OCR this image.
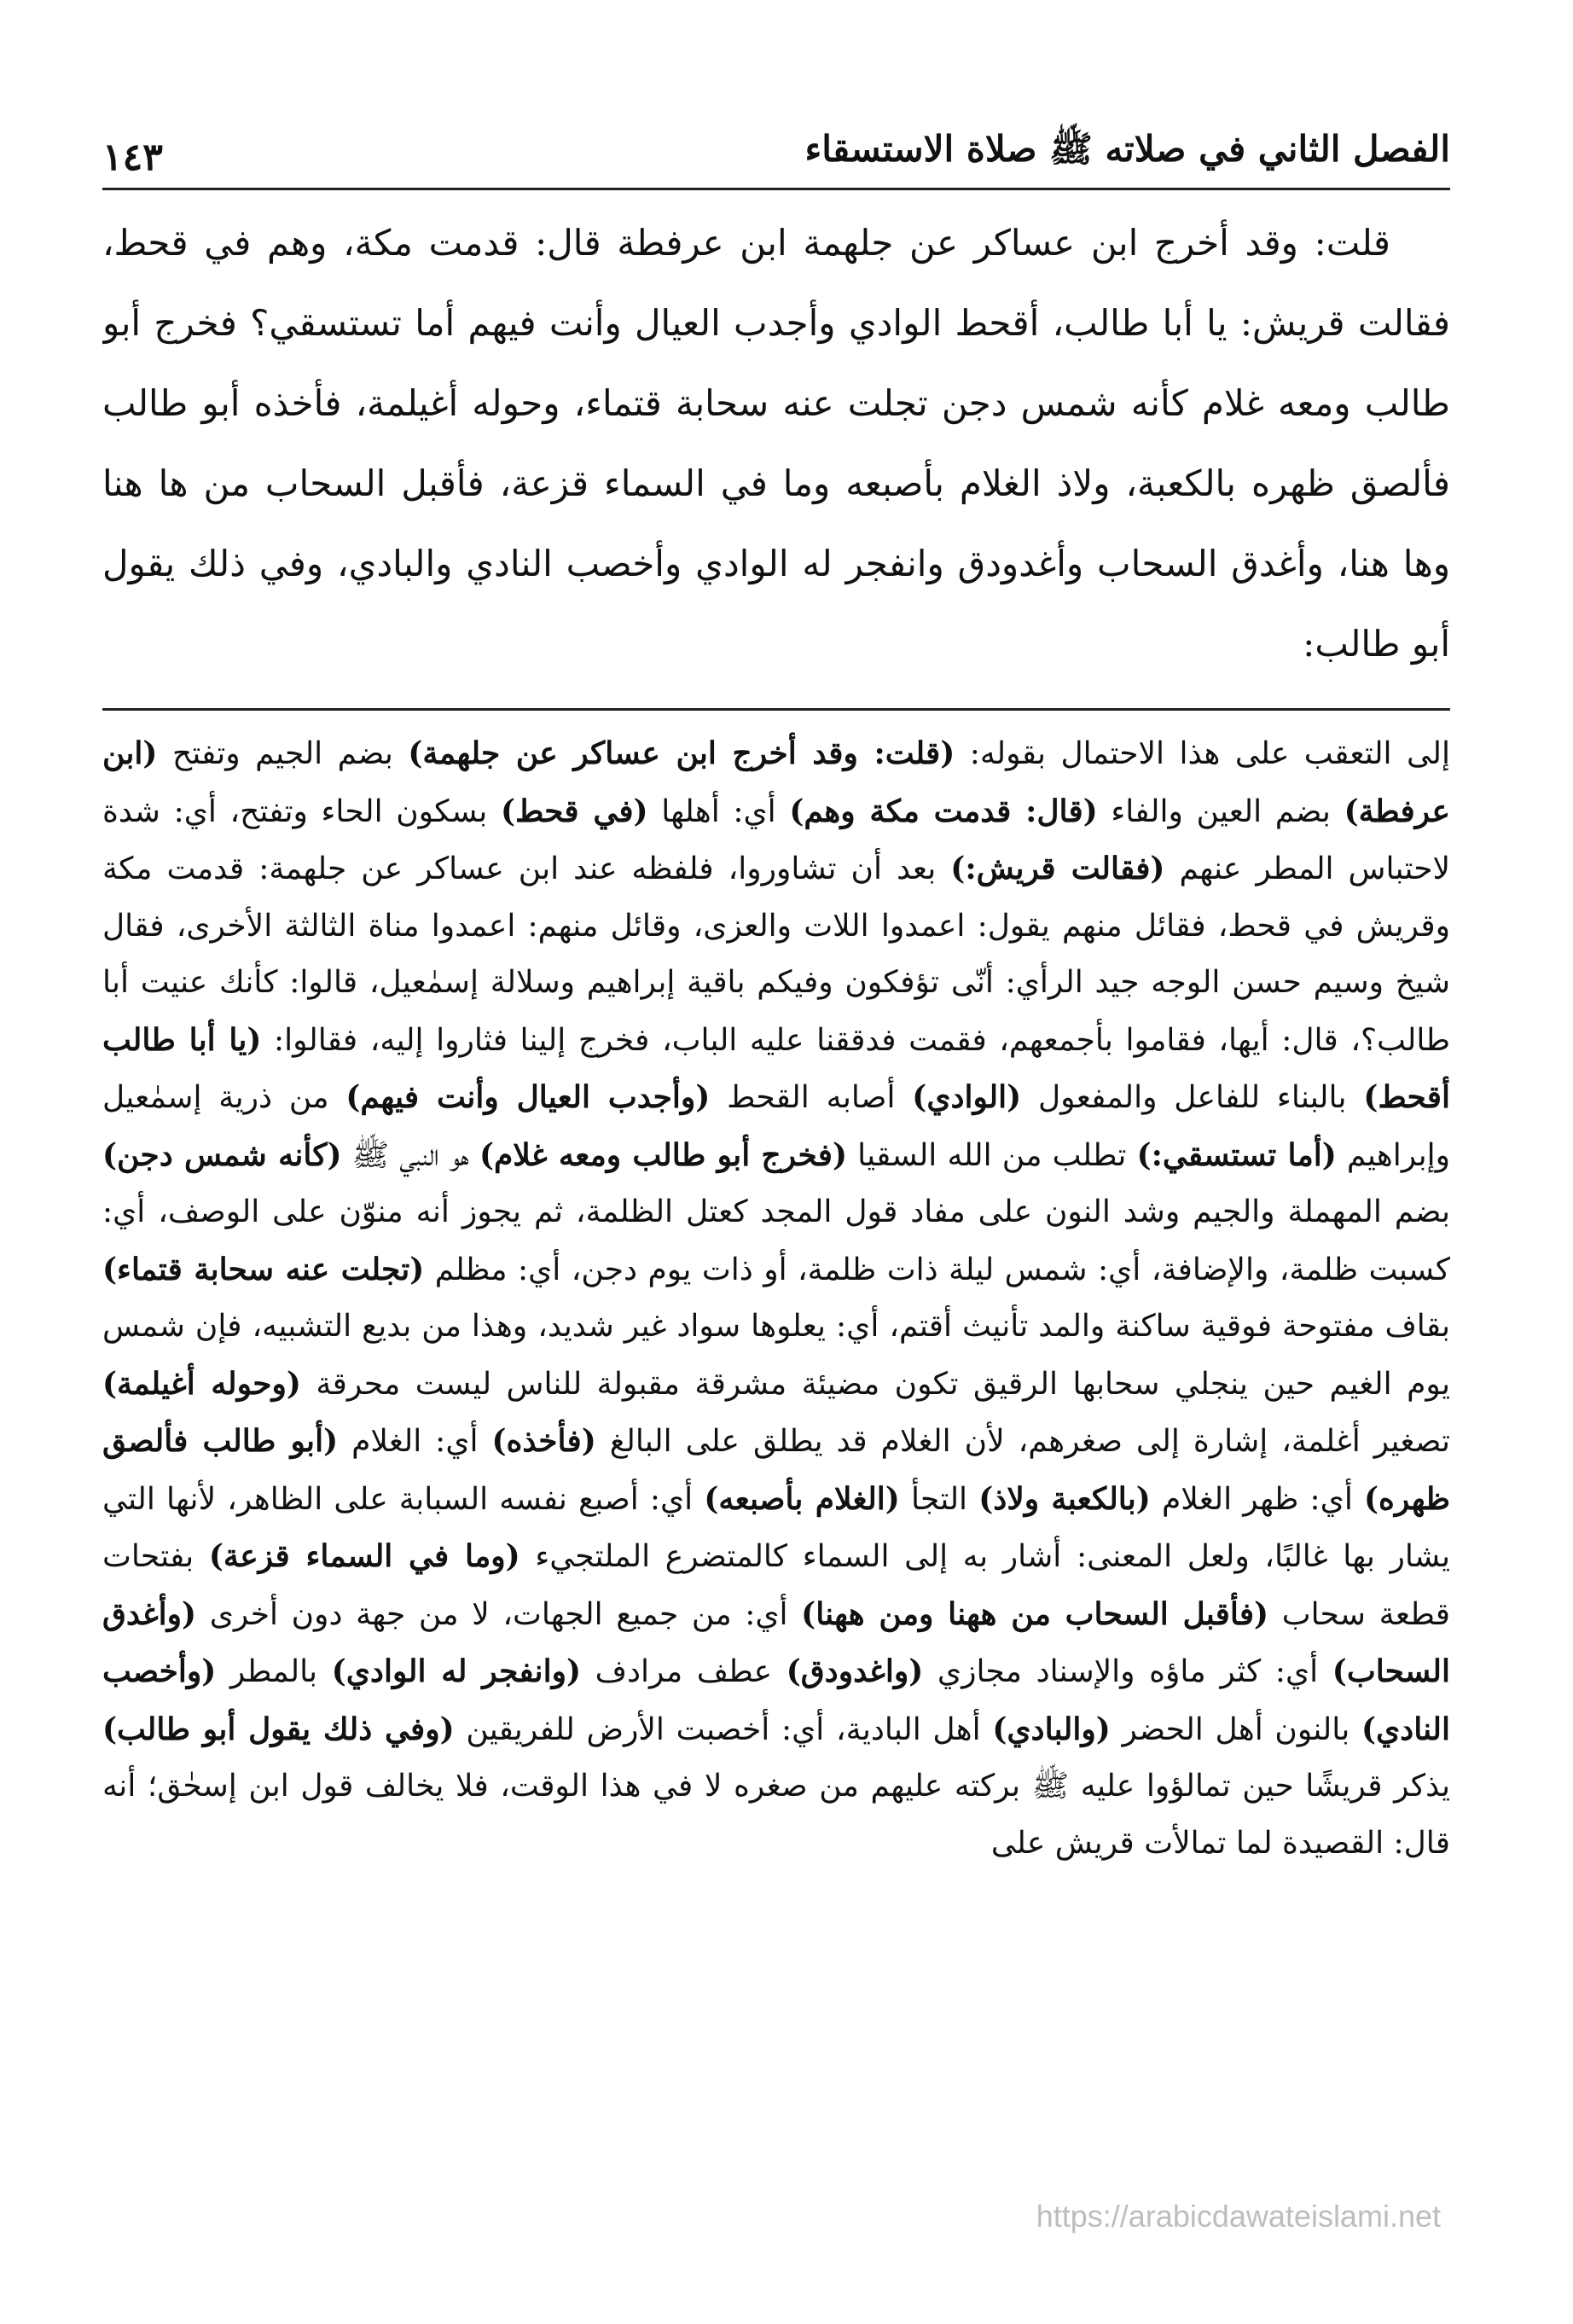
الفصل الثاني في صلاته ﷺ صلاة الاستسقاء
١٤٣

قلت: وقد أخرج ابن عساكر عن جلهمة ابن عرفطة قال: قدمت مكة، وهم في قحط، فقالت قريش: يا أبا طالب، أقحط الوادي وأجدب العيال وأنت فيهم أما تستسقي؟ فخرج أبو طالب ومعه غلام كأنه شمس دجن تجلت عنه سحابة قتماء، وحوله أغيلمة، فأخذه أبو طالب فألصق ظهره بالكعبة، ولاذ الغلام بأصبعه وما في السماء قزعة، فأقبل السحاب من ها هنا وها هنا، وأغدق السحاب وأغدودق وانفجر له الوادي وأخصب النادي والبادي، وفي ذلك يقول أبو طالب:

إلى التعقب على هذا الاحتمال بقوله: (قلت: وقد أخرج ابن عساكر عن جلهمة) بضم الجيم وتفتح (ابن عرفطة) بضم العين والفاء (قال: قدمت مكة وهم) أي: أهلها (في قحط) بسكون الحاء وتفتح، أي: شدة لاحتباس المطر عنهم (فقالت قريش:) بعد أن تشاوروا، فلفظه عند ابن عساكر عن جلهمة: قدمت مكة وقريش في قحط، فقائل منهم يقول: اعمدوا اللات والعزى، وقائل منهم: اعمدوا مناة الثالثة الأخرى، فقال شيخ وسيم حسن الوجه جيد الرأي: أنّى تؤفكون وفيكم باقية إبراهيم وسلالة إسمٰعيل، قالوا: كأنك عنيت أبا طالب؟، قال: أيها، فقاموا بأجمعهم، فقمت فدققنا عليه الباب، فخرج إلينا فثاروا إليه، فقالوا: (يا أبا طالب أقحط) بالبناء للفاعل والمفعول (الوادي) أصابه القحط (وأجدب العيال وأنت فيهم) من ذرية إسمٰعيل وإبراهيم (أما تستسقي:) تطلب من الله السقيا (فخرج أبو طالب ومعه غلام) هو النبي ﷺ (كأنه شمس دجن) بضم المهملة والجيم وشد النون على مفاد قول المجد كعتل الظلمة، ثم يجوز أنه منوّن على الوصف، أي: كسبت ظلمة، والإضافة، أي: شمس ليلة ذات ظلمة، أو ذات يوم دجن، أي: مظلم (تجلت عنه سحابة قتماء) بقاف مفتوحة فوقية ساكنة والمد تأنيث أقتم، أي: يعلوها سواد غير شديد، وهذا من بديع التشبيه، فإن شمس يوم الغيم حين ينجلي سحابها الرقيق تكون مضيئة مشرقة مقبولة للناس ليست محرقة (وحوله أغيلمة) تصغير أغلمة، إشارة إلى صغرهم، لأن الغلام قد يطلق على البالغ (فأخذه) أي: الغلام (أبو طالب فألصق ظهره) أي: ظهر الغلام (بالكعبة ولاذ) التجأ (الغلام بأصبعه) أي: أصبع نفسه السبابة على الظاهر، لأنها التي يشار بها غالبًا، ولعل المعنى: أشار به إلى السماء كالمتضرع الملتجيء (وما في السماء قزعة) بفتحات قطعة سحاب (فأقبل السحاب من ههنا ومن ههنا) أي: من جميع الجهات، لا من جهة دون أخرى (وأغدق السحاب) أي: كثر ماؤه والإسناد مجازي (واغدودق) عطف مرادف (وانفجر له الوادي) بالمطر (وأخصب النادي) بالنون أهل الحضر (والبادي) أهل البادية، أي: أخصبت الأرض للفريقين (وفي ذلك يقول أبو طالب) يذكر قريشًا حين تمالؤوا عليه ﷺ بركته عليهم من صغره لا في هذا الوقت، فلا يخالف قول ابن إسحٰق؛ أنه قال: القصيدة لما تمالأت قريش على

https://arabicdawateislami.net
